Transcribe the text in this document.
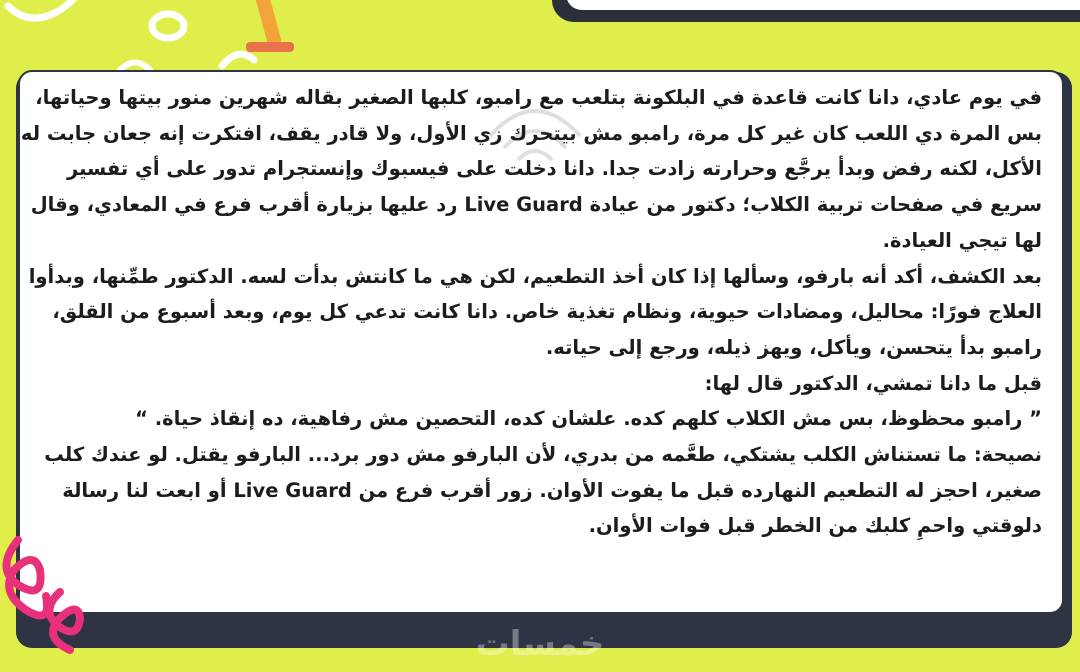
في يوم عادي، دانا كانت قاعدة في البلكونة بتلعب مع رامبو، كلبها الصغير بقاله شهرين منور بيتها وحياتها، بس المرة دي اللعب كان غير كل مرة، رامبو مش بيتحرك زي الأول، ولا قادر يقف، افتكرت إنه جعان جابت له الأكل، لكنه رفض وبدأ يرجَّع وحرارته زادت جدا. دانا دخلت على فيسبوك وإنستجرام تدور على أي تفسير سريع في صفحات تربية الكلاب؛ دكتور من عيادة Live Guard رد عليها بزيارة أقرب فرع في المعادي، وقال لها تيجي العيادة.

بعد الكشف، أكد أنه بارفو، وسألها إذا كان أخذ التطعيم، لكن هي ما كانتش بدأت لسه. الدكتور طمِّنها، وبدأوا العلاج فورًا: محاليل، ومضادات حيوية، ونظام تغذية خاص. دانا كانت تدعي كل يوم، وبعد أسبوع من القلق، رامبو بدأ يتحسن، ويأكل، ويهز ذيله، ورجع إلى حياته.

قبل ما دانا تمشي، الدكتور قال لها:

” رامبو محظوظ، بس مش الكلاب كلهم كده. علشان كده، التحصين مش رفاهية، ده إنقاذ حياة. “

نصيحة: ما تستناش الكلب يشتكي، طعَّمه من بدري، لأن البارفو مش دور برد... البارفو يقتل. لو عندك كلب صغير، احجز له التطعيم النهارده قبل ما يفوت الأوان. زور أقرب فرع من Live Guard أو ابعت لنا رسالة دلوقتي واحمِ كلبك من الخطر قبل فوات الأوان.

خمسات
